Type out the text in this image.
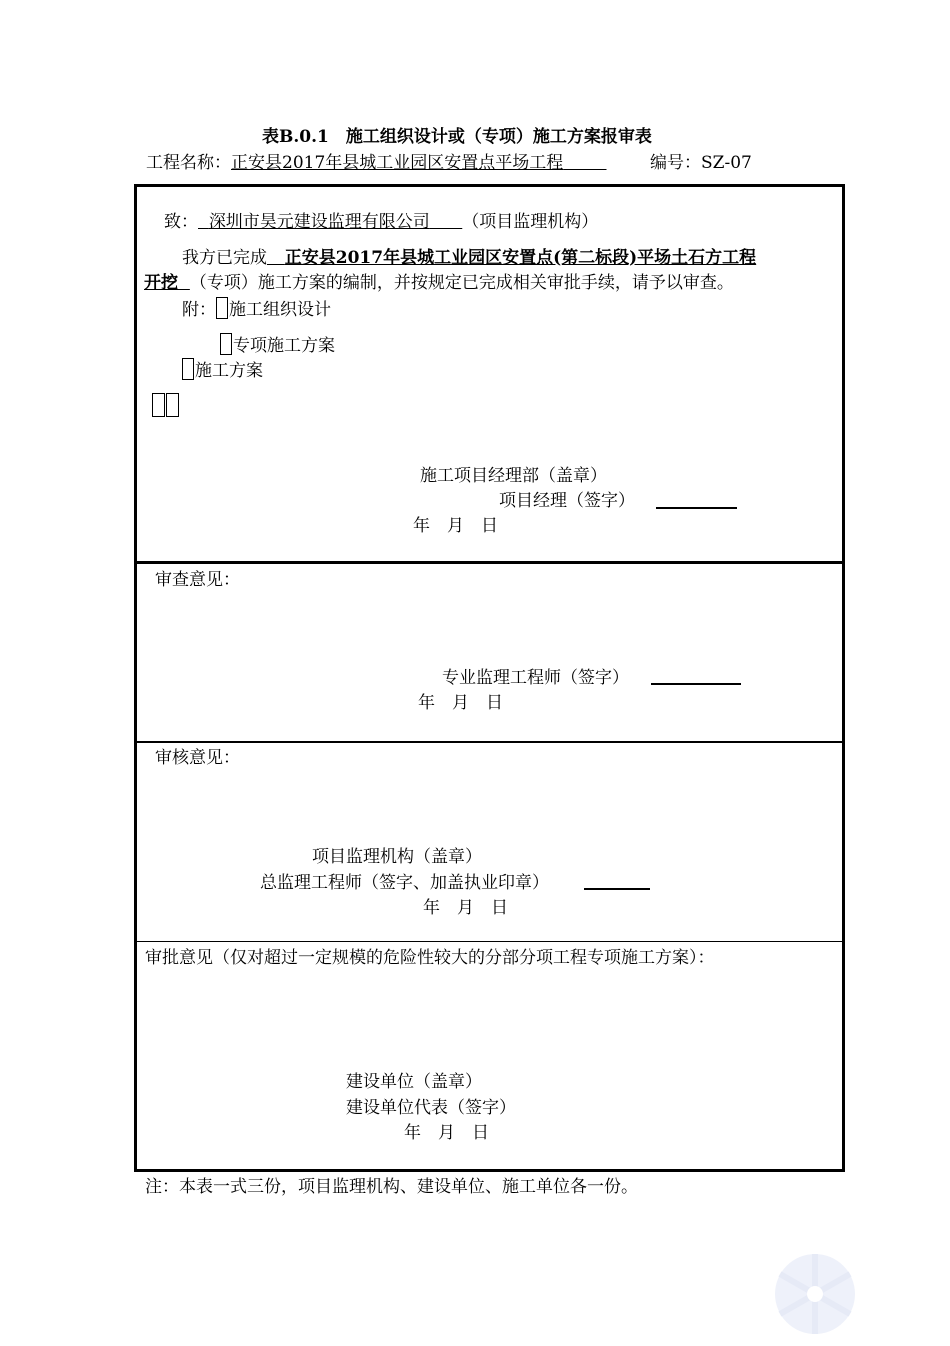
表B.0.1　施工组织设计或（专项）施工方案报审表
工程名称：正安县2017年县城工业园区安置点平场工程	编号：SZ-07
致： 深圳市昊元建设监理有限公司 （项目监理机构）
我方已完成 正安县2017年县城工业园区安置点(第二标段)平场土石方工程
开挖 （专项）施工方案的编制，并按规定已完成相关审批手续，请予以审查。
附： 施工组织设计
专项施工方案
施工方案
施工项目经理部（盖章）
项目经理（签字）
年　月　日
审查意见：
专业监理工程师（签字）
年　月　日
审核意见：
项目监理机构（盖章）
总监理工程师（签字、加盖执业印章）
年　月　日
审批意见（仅对超过一定规模的危险性较大的分部分项工程专项施工方案）：
建设单位（盖章）
建设单位代表（签字）
年　月　日
注：本表一式三份，项目监理机构、建设单位、施工单位各一份。
